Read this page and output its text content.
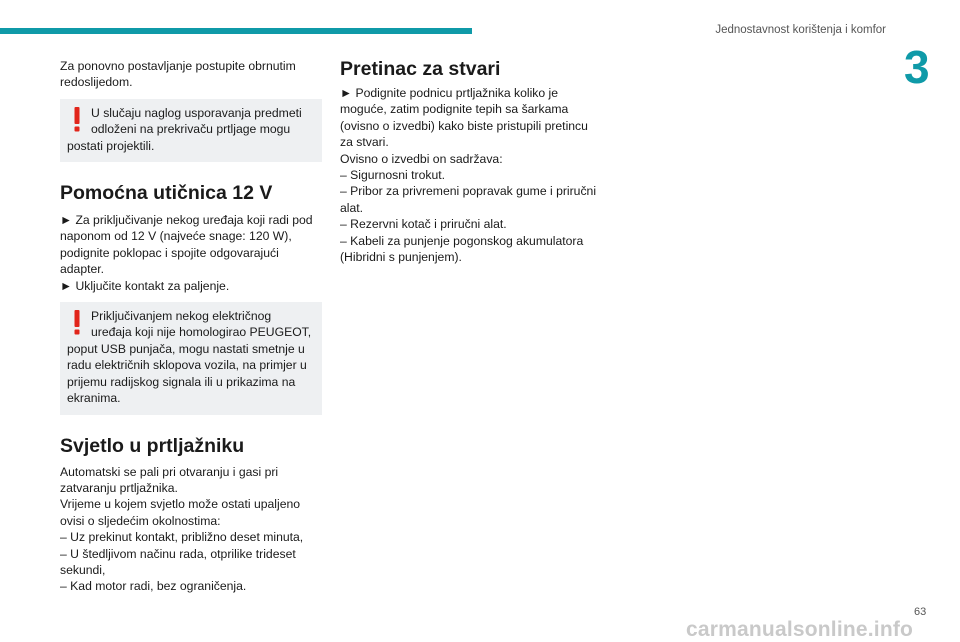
Jednostavnost korištenja i komfor
3

Za ponovno postavljanje postupite obrnutim redoslijedom.

U slučaju naglog usporavanja predmeti odloženi na prekrivaču prtljage mogu postati projektili.
Pomoćna utičnica 12 V

► Za priključivanje nekog uređaja koji radi pod naponom od 12 V (najveće snage: 120 W), podignite poklopac i spojite odgovarajući adapter.

► Uključite kontakt za paljenje.

Priključivanjem nekog električnog uređaja koji nije homologirao PEUGEOT, poput USB punjača, mogu nastati smetnje u radu električnih sklopova vozila, na primjer u prijemu radijskog signala ili u prikazima na ekranima.
Svjetlo u prtljažniku

Automatski se pali pri otvaranju i gasi pri zatvaranju prtljažnika.

Vrijeme u kojem svjetlo može ostati upaljeno ovisi o sljedećim okolnostima:

– Uz prekinut kontakt, približno deset minuta,

– U štedljivom načinu rada, otprilike trideset sekundi,

– Kad motor radi, bez ograničenja.

Pretinac za stvari

► Podignite podnicu prtljažnika koliko je moguće, zatim podignite tepih sa šarkama (ovisno o izvedbi) kako biste pristupili pretincu za stvari.

Ovisno o izvedbi on sadržava:

– Sigurnosni trokut.

– Pribor za privremeni popravak gume i priručni alat.

– Rezervni kotač i priručni alat.

– Kabeli za punjenje pogonskog akumulatora (Hibridni s punjenjem).

63
carmanualsonline.info
